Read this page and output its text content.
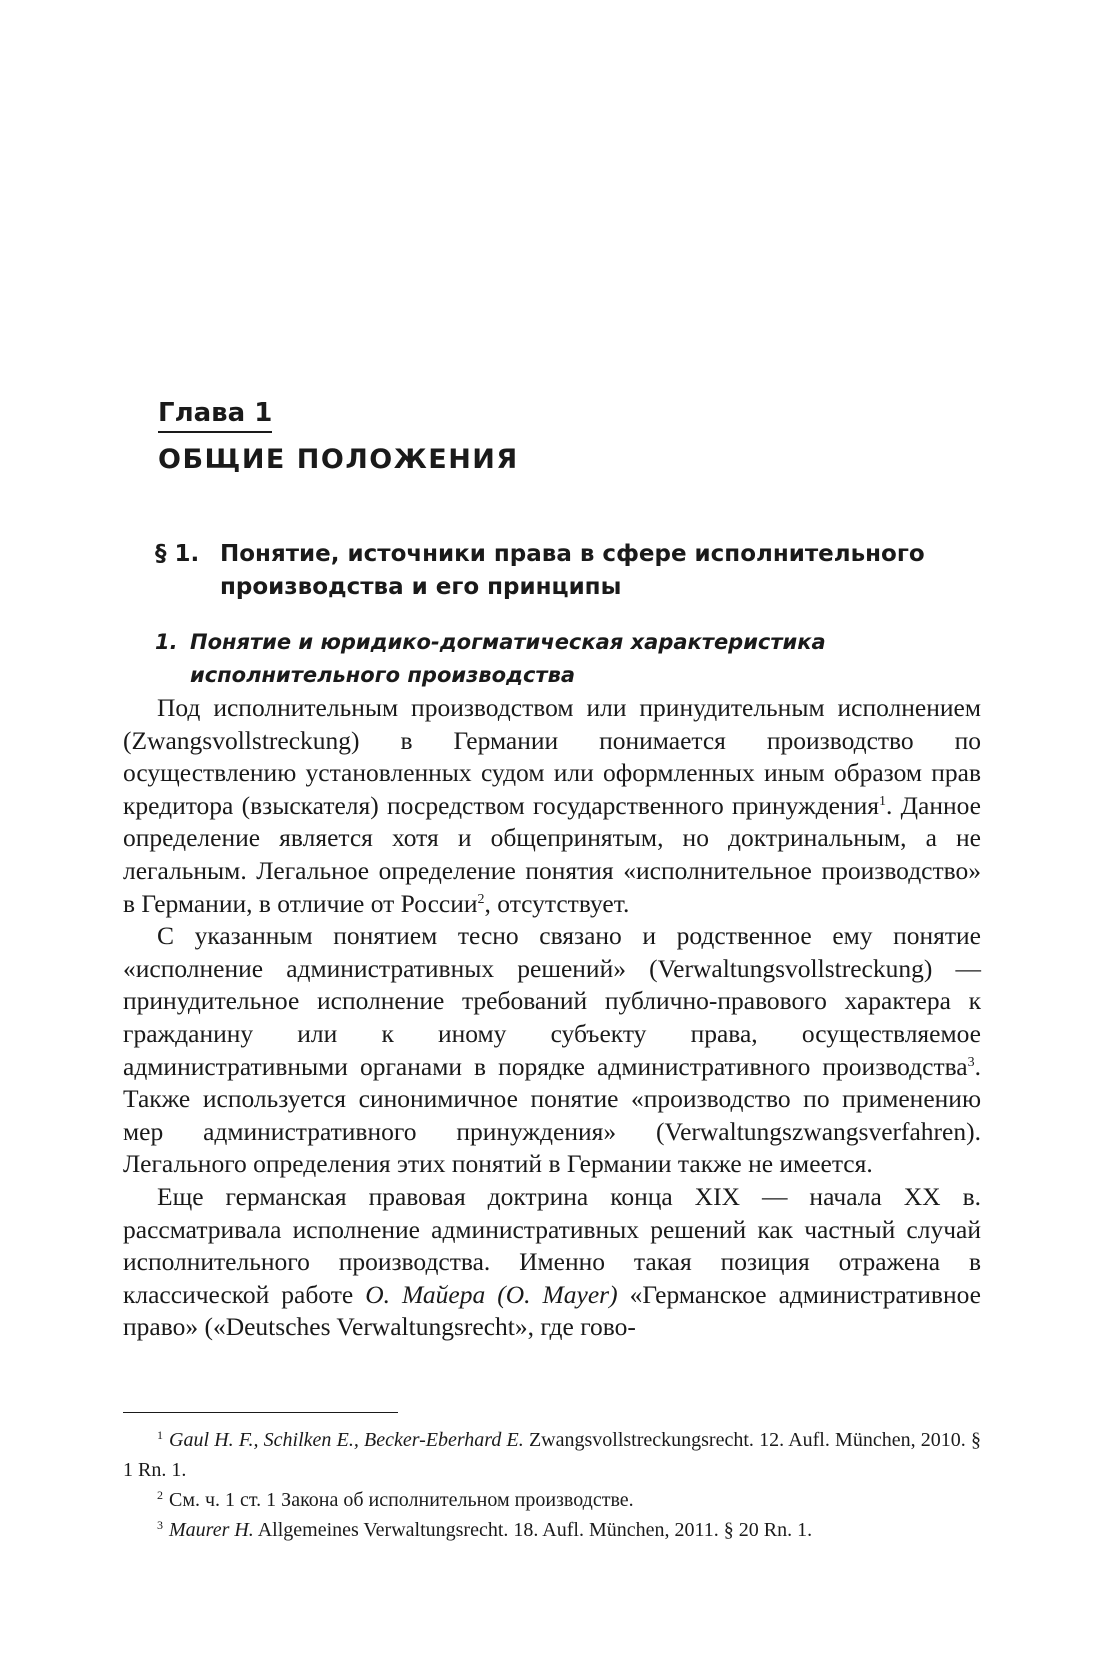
Глава 1
ОБЩИЕ ПОЛОЖЕНИЯ
§ 1. Понятие, источники права в сфере исполнительного производства и его принципы
1. Понятие и юридико-догматическая характеристика исполнительного производства

Под исполнительным производством или принудительным исполнением (Zwangsvollstreckung) в Германии понимается производство по осуществлению установленных судом или оформленных иным образом прав кредитора (взыскателя) посредством государственного принуждения$^1$. Данное определение является хотя и общепринятым, но доктринальным, а не легальным. Легальное определение понятия «исполнительное производство» в Германии, в отличие от России$^2$, отсутствует.

С указанным понятием тесно связано и родственное ему понятие «исполнение административных решений» (Verwaltungsvollstreckung) — принудительное исполнение требований публично-правового характера к гражданину или к иному субъекту права, осуществляемое административными органами в порядке административного производства$^3$. Также используется синонимичное понятие «производство по применению мер административного принуждения» (Verwaltungszwangsverfahren). Легального определения этих понятий в Германии также не имеется.

Еще германская правовая доктрина конца XIX — начала XX в. рассматривала исполнение административных решений как частный случай исполнительного производства. Именно такая позиция отражена в классической работе О. Майера (O. Mayer) «Германское административное право» («Deutsches Verwaltungsrecht», где гово-

$^1$ Gaul H. F., Schilken E., Becker-Eberhard E. Zwangsvollstreckungsrecht. 12. Aufl. München, 2010. § 1 Rn. 1.

$^2$ См. ч. 1 ст. 1 Закона об исполнительном производстве.

$^3$ Maurer H. Allgemeines Verwaltungsrecht. 18. Aufl. München, 2011. § 20 Rn. 1.
